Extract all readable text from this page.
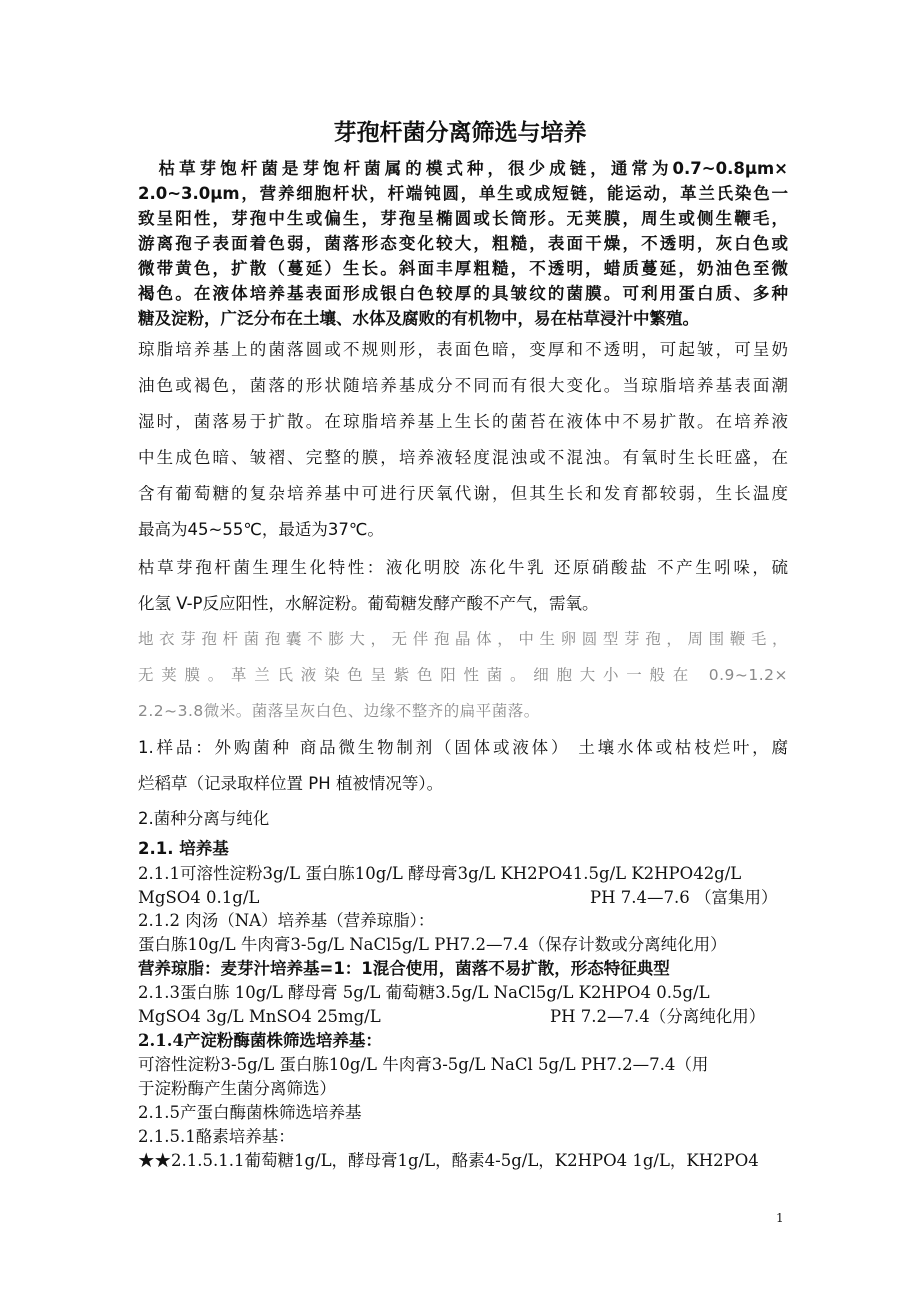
芽孢杆菌分离筛选与培养
　枯草芽饱杆菌是芽饱杆菌属的模式种，很少成链，通常为0.7~0.8μm×
2.0~3.0μm，营养细胞杆状，杆端钝圆，单生或成短链，能运动，革兰氏染色一
致呈阳性，芽孢中生或偏生，芽孢呈椭圆或长筒形。无荚膜，周生或侧生鞭毛，
游离孢子表面着色弱，菌落形态变化较大，粗糙，表面干燥，不透明，灰白色或
微带黄色，扩散（蔓延）生长。斜面丰厚粗糙，不透明，蜡质蔓延，奶油色至微
褐色。在液体培养基表面形成银白色较厚的具皱纹的菌膜。可利用蛋白质、多种
糖及淀粉，广泛分布在土壤、水体及腐败的有机物中，易在枯草浸汁中繁殖。
琼脂培养基上的菌落圆或不规则形，表面色暗，变厚和不透明，可起皱，可呈奶
油色或褐色，菌落的形状随培养基成分不同而有很大变化。当琼脂培养基表面潮
湿时，菌落易于扩散。在琼脂培养基上生长的菌苔在液体中不易扩散。在培养液
中生成色暗、皱褶、完整的膜，培养液轻度混浊或不混浊。有氧时生长旺盛，在
含有葡萄糖的复杂培养基中可进行厌氧代谢，但其生长和发育都较弱，生长温度
最高为45~55℃，最适为37℃。
枯草芽孢杆菌生理生化特性：液化明胶 冻化牛乳 还原硝酸盐 不产生吲哚，硫
化氢 V-P反应阳性，水解淀粉。葡萄糖发酵产酸不产气，需氧。
地衣芽孢杆菌孢囊不膨大，无伴孢晶体，中生卵圆型芽孢，周围鞭毛，
无荚膜。革兰氏液染色呈紫色阳性菌。细胞大小一般在 0.9~1.2×
2.2~3.8微米。菌落呈灰白色、边缘不整齐的扁平菌落。
1.样品：外购菌种 商品微生物制剂（固体或液体） 土壤水体或枯枝烂叶，腐
烂稻草（记录取样位置 PH 植被情况等）。
2.菌种分离与纯化
2.1. 培养基
2.1.1可溶性淀粉3g/L 蛋白胨10g/L 酵母膏3g/L KH2PO41.5g/L K2HPO42g/L
MgSO4 0.1g/L	PH 7.4—7.6 （富集用）
2.1.2 肉汤（NA）培养基（营养琼脂）：
蛋白胨10g/L 牛肉膏3-5g/L NaCl5g/L PH7.2—7.4（保存计数或分离纯化用）
营养琼脂：麦芽汁培养基=1：1混合使用，菌落不易扩散，形态特征典型
2.1.3蛋白胨 10g/L 酵母膏 5g/L 葡萄糖3.5g/L NaCl5g/L K2HPO4 0.5g/L
MgSO4 3g/L MnSO4 25mg/L	PH 7.2—7.4（分离纯化用）
2.1.4产淀粉酶菌株筛选培养基：
可溶性淀粉3-5g/L 蛋白胨10g/L 牛肉膏3-5g/L NaCl 5g/L PH7.2—7.4（用
于淀粉酶产生菌分离筛选）
2.1.5产蛋白酶菌株筛选培养基
2.1.5.1酪素培养基：
★★2.1.5.1.1葡萄糖1g/L，酵母膏1g/L，酪素4-5g/L，K2HPO4 1g/L，KH2PO4
1
